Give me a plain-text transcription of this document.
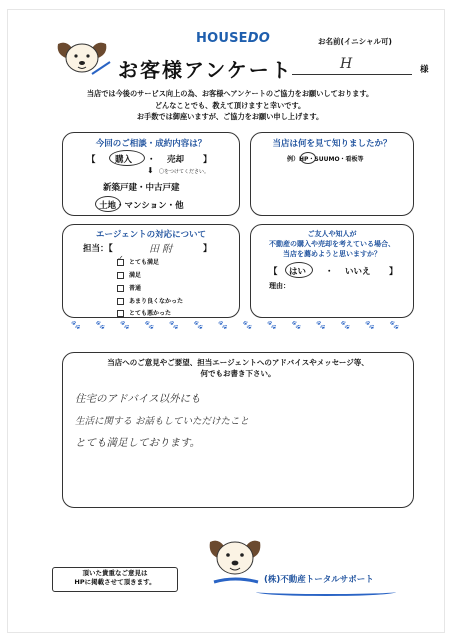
HOUSEDO	お名前(イニシャル可)
お客様アンケート	H	様
当店では今後のサービス向上の為、お客様へアンケートのご協力をお願いしております。
どんなことでも、教えて頂けますと幸いです。
お手数では御座いますが、ご協力をお願い申し上げます。
今回のご相談・成約内容は？
【 購入 ・ 売却 】
⬇ 〇をつけてください。
新築戸建・中古戸建
土地・マンション・他
当店は何を見て知りましたか？
例）HP・SUUMO・看板等
エージェントの対応について
担当：【	田 附	】
✓とても満足
満足
普通
あまり良くなかった
とても悪かった
ご友人や知人が
不動産の購入や売却を考えている場合、
当店を薦めようと思いますか？
【 はい ・ いいえ 】
理由：
🐾︎ 🐾︎ 🐾︎ 🐾︎ 🐾︎ 🐾︎ 🐾︎ 🐾︎ 🐾︎ 🐾︎ 🐾︎ 🐾︎ 🐾︎ 🐾︎
当店へのご意見やご要望、担当エージェントへのアドバイスやメッセージ等、
何でもお書き下さい。
住宅のアドバイス以外にも
生活に関する お話もしていただけたこと
とても満足しております。
頂いた貴重なご意見は
HPに掲載させて頂きます。	(株)不動産トータルサポート
